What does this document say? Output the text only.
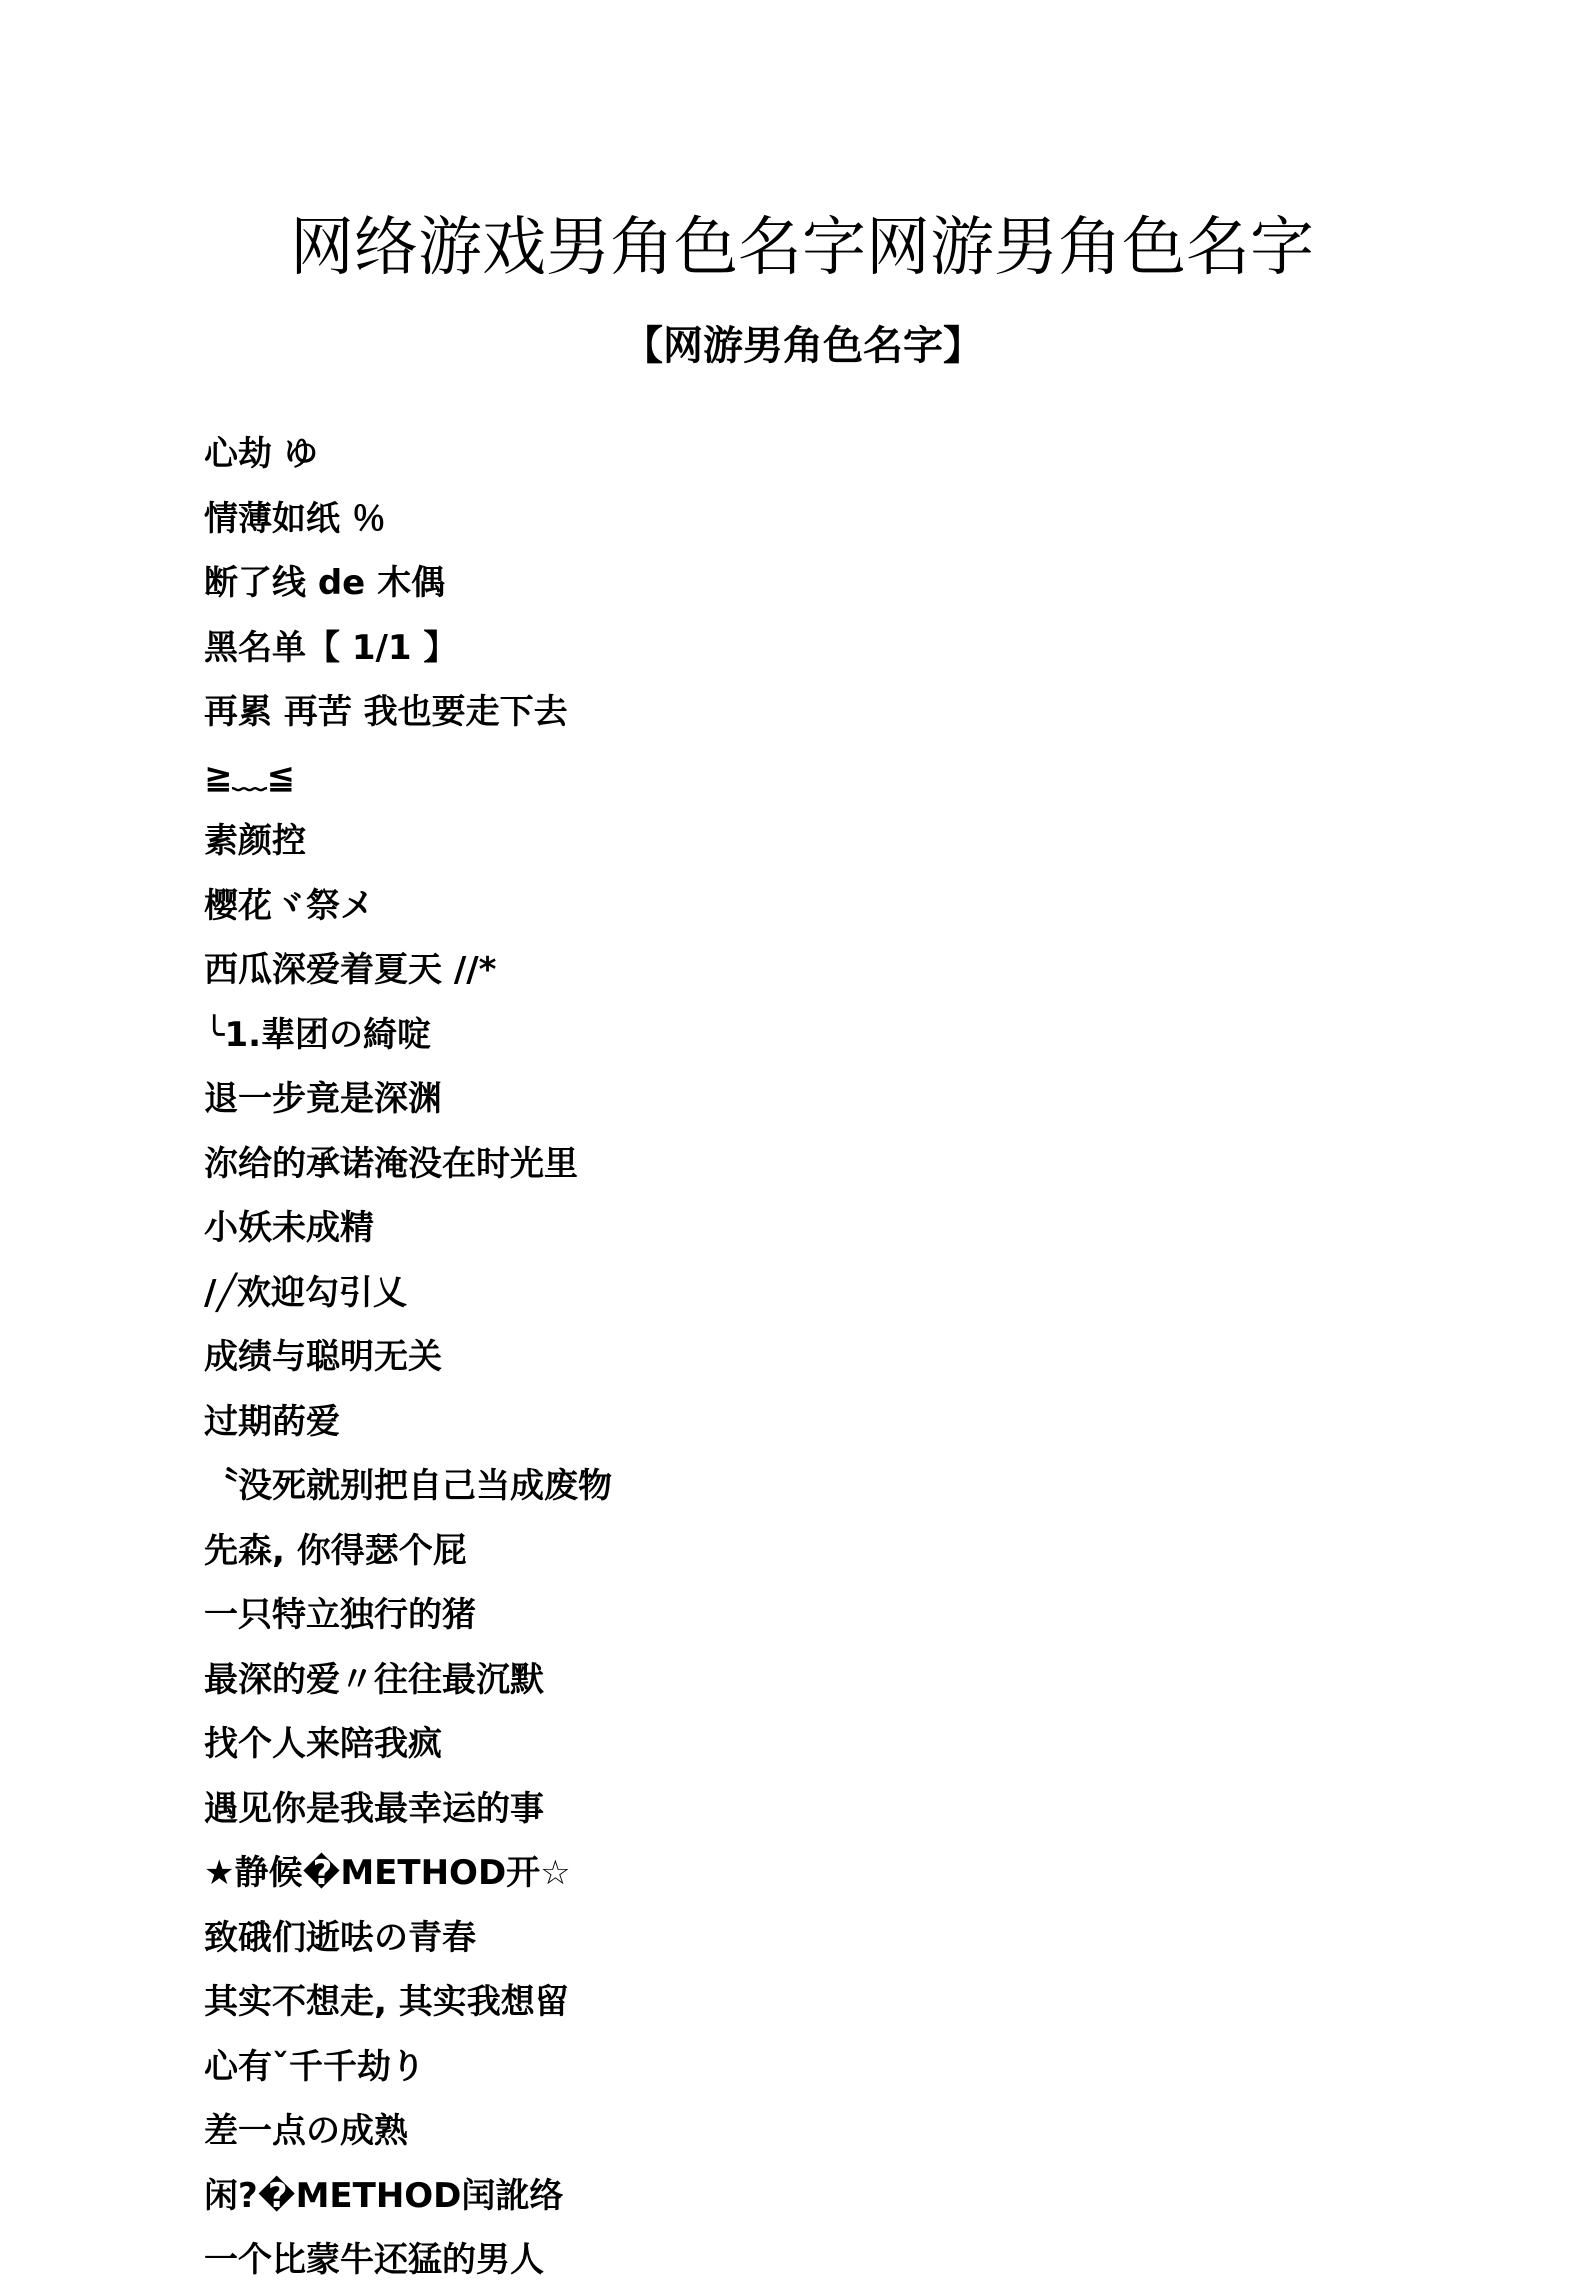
网络游戏男角色名字网游男角色名字
【网游男角色名字】
心劫 ゆ
情薄如纸 ％
断了线 de 木偶
黑名单【 1/1 】
再累 再苦 我也要走下去
≧﹏≦
素颜控
樱花ヾ祭メ
西瓜深爱着夏天 //*
╰1.辈团の綺啶
退一步竟是深渊
沵给的承诺淹没在时光里
小妖未成精
/╱欢迎勾引乂
成绩与聪明无关
过期菂爱
〝没死就别把自己当成废物
先森, 你得瑟个屁
一只特立独行的猪
最深的爱〃往往最沉默
找个人来陪我疯
遇见你是我最幸运的事
★静候�METHOD开☆
致硪们逝呿の青春
其实不想走, 其实我想留
心有ˇ千千劫り
差一点の成熟
闲?�METHOD闰訛络
一个比蒙牛还猛的男人
